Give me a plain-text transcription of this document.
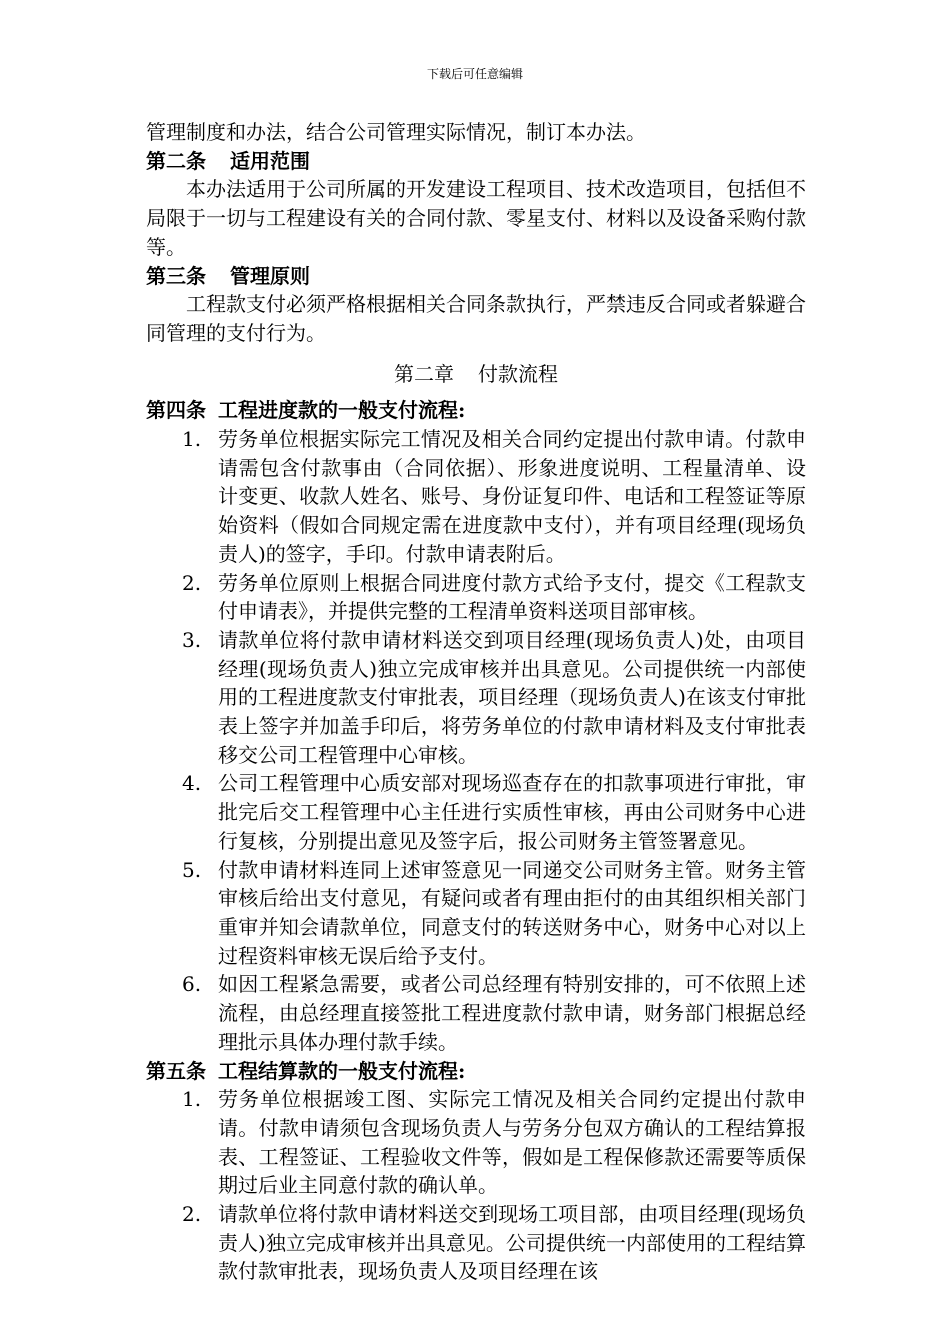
下载后可任意编辑

管理制度和办法，结合公司管理实际情况，制订本办法。

第二条 适用范围

本办法适用于公司所属的开发建设工程项目、技术改造项目，包括但不局限于一切与工程建设有关的合同付款、零星支付、材料以及设备采购付款等。

第三条 管理原则

工程款支付必须严格根据相关合同条款执行，严禁违反合同或者躲避合同管理的支付行为。

第二章 付款流程

第四条 工程进度款的一般支付流程:

1. 劳务单位根据实际完工情况及相关合同约定提出付款申请。付款申请需包含付款事由（合同依据）、形象进度说明、工程量清单、设计变更、收款人姓名、账号、身份证复印件、电话和工程签证等原始资料（假如合同规定需在进度款中支付），并有项目经理(现场负责人)的签字，手印。付款申请表附后。
2. 劳务单位原则上根据合同进度付款方式给予支付，提交《工程款支付申请表》，并提供完整的工程清单资料送项目部审核。
3. 请款单位将付款申请材料送交到项目经理(现场负责人)处，由项目经理(现场负责人)独立完成审核并出具意见。公司提供统一内部使用的工程进度款支付审批表，项目经理（现场负责人)在该支付审批表上签字并加盖手印后，将劳务单位的付款申请材料及支付审批表移交公司工程管理中心审核。
4. 公司工程管理中心质安部对现场巡查存在的扣款事项进行审批，审批完后交工程管理中心主任进行实质性审核，再由公司财务中心进行复核，分别提出意见及签字后，报公司财务主管签署意见。
5. 付款申请材料连同上述审签意见一同递交公司财务主管。财务主管审核后给出支付意见，有疑问或者有理由拒付的由其组织相关部门重审并知会请款单位，同意支付的转送财务中心，财务中心对以上过程资料审核无误后给予支付。
6. 如因工程紧急需要，或者公司总经理有特别安排的，可不依照上述流程，由总经理直接签批工程进度款付款申请，财务部门根据总经理批示具体办理付款手续。

第五条 工程结算款的一般支付流程:

1. 劳务单位根据竣工图、实际完工情况及相关合同约定提出付款申请。付款申请须包含现场负责人与劳务分包双方确认的工程结算报表、工程签证、工程验收文件等，假如是工程保修款还需要等质保期过后业主同意付款的确认单。
2. 请款单位将付款申请材料送交到现场工项目部，由项目经理(现场负责人)独立完成审核并出具意见。公司提供统一内部使用的工程结算款付款审批表，现场负责人及项目经理在该
